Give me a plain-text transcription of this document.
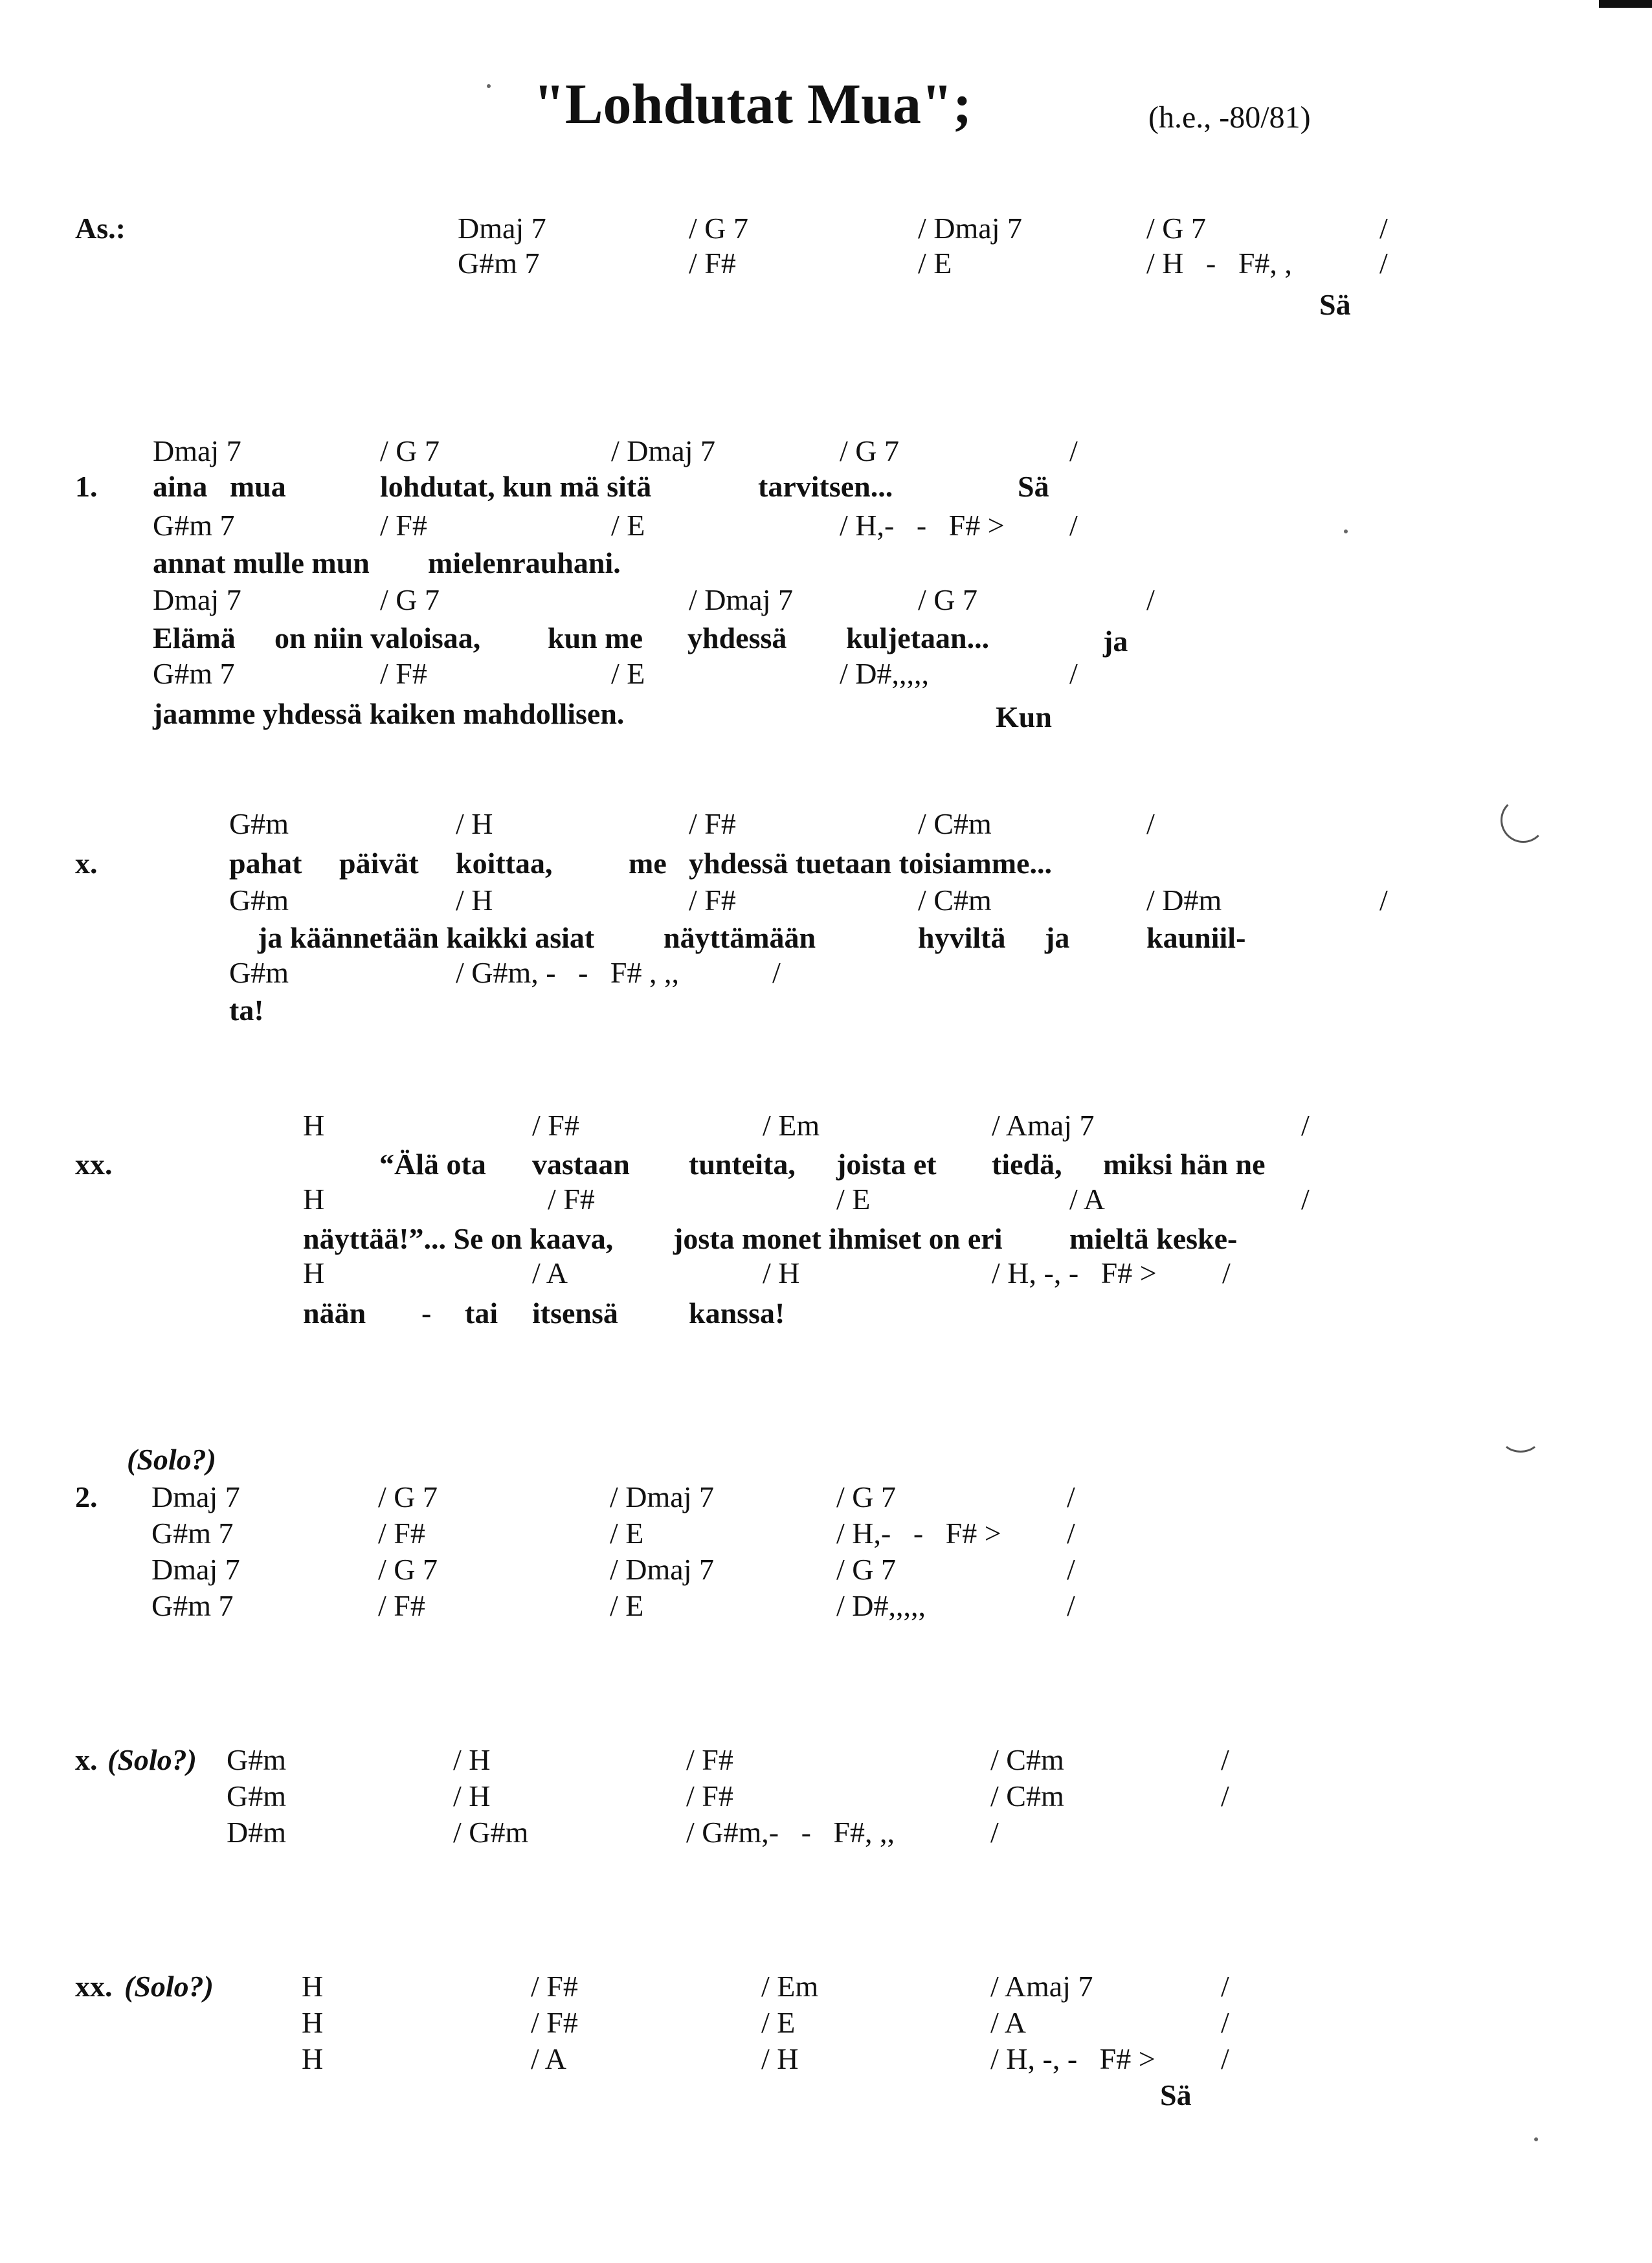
"Lohdutat Mua";	(h.e., -80/81)
As.:	Dmaj 7	/ G 7	/ Dmaj 7	/ G 7	/
G#m 7	/ F#	/ E	/ H   -   F#, ,	/
Sä
1.
Dmaj 7	/ G 7	/ Dmaj 7	/ G 7	/
aina   mua	lohdutat, kun mä sitä	tarvitsen...	Sä
G#m 7	/ F#	/ E	/ H,-   -   F# > /
annat mulle mun mielenrauhani.
Dmaj 7	/ G 7	/ Dmaj 7	/ G 7	/
Elämä on niin valoisaa, kun me yhdessä kuljetaan...	ja
G#m 7	/ F#	/ E	/ D#,,,,,	/
jaamme yhdessä kaiken mahdollisen.	Kun
x.
G#m	/ H	/ F#	/ C#m	/
pahat päivät koittaa,	me yhdessä tuetaan toisiamme...
G#m	/ H	/ F#	/ C#m	/ D#m	/
ja käännetään kaikki asiat näyttämään	hyviltä ja	kauniil-
G#m	/ G#m, -   -   F# , ,,	/
ta!
xx.
H	/ F#	/ Em	/ Amaj 7	/
“Älä ota vastaan tunteita, joista et tiedä, miksi hän ne
H	/ F#	/ E	/ A	/
näyttää!”... Se on kaava, josta monet ihmiset on eri mieltä keske-
H	/ A	/ H	/ H, -, -   F# > /
nään - tai itsensä kanssa!
(Solo?)
2. Dmaj 7	/ G 7	/ Dmaj 7	/ G 7	/
G#m 7	/ F#	/ E	/ H,-   -   F# > /
Dmaj 7	/ G 7	/ Dmaj 7	/ G 7	/
G#m 7	/ F#	/ E	/ D#,,,,,	/
x. (Solo?) G#m	/ H	/ F#	/ C#m	/
G#m	/ H	/ F#	/ C#m	/
D#m	/ G#m	/ G#m,-   -   F#, ,,	/
xx. (Solo?)	H	/ F#	/ Em	/ Amaj 7	/
H	/ F#	/ E	/ A	/
H	/ A	/ H	/ H, -, -   F# > /
Sä
